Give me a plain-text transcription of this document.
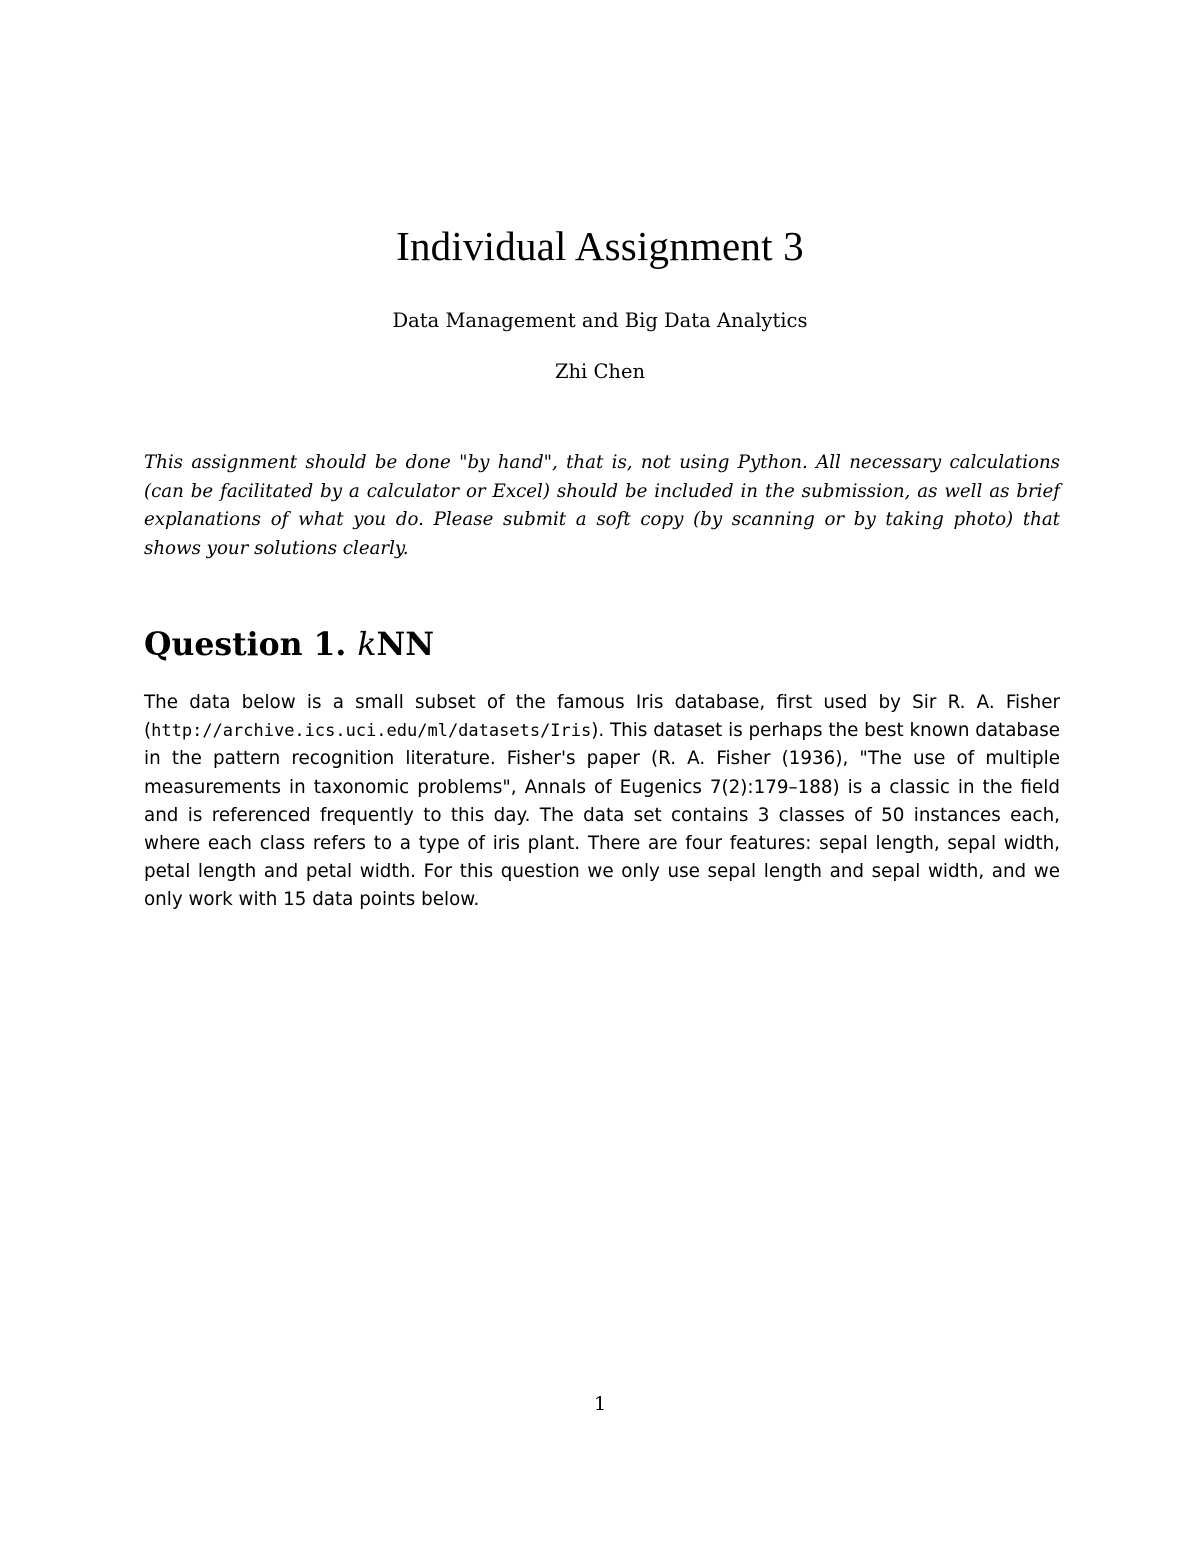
Individual Assignment 3
Data Management and Big Data Analytics
Zhi Chen
This assignment should be done "by hand", that is, not using Python. All necessary calculations (can be facilitated by a calculator or Excel) should be included in the submission, as well as brief explanations of what you do. Please submit a soft copy (by scanning or by taking photo) that shows your solutions clearly.
Question 1. kNN
The data below is a small subset of the famous Iris database, first used by Sir R. A. Fisher (http://archive.ics.uci.edu/ml/datasets/Iris). This dataset is perhaps the best known database in the pattern recognition literature. Fisher's paper (R. A. Fisher (1936), "The use of multiple measurements in taxonomic problems", Annals of Eugenics 7(2):179–188) is a classic in the field and is referenced frequently to this day. The data set contains 3 classes of 50 instances each, where each class refers to a type of iris plant. There are four features: sepal length, sepal width, petal length and petal width. For this question we only use sepal length and sepal width, and we only work with 15 data points below.
1
